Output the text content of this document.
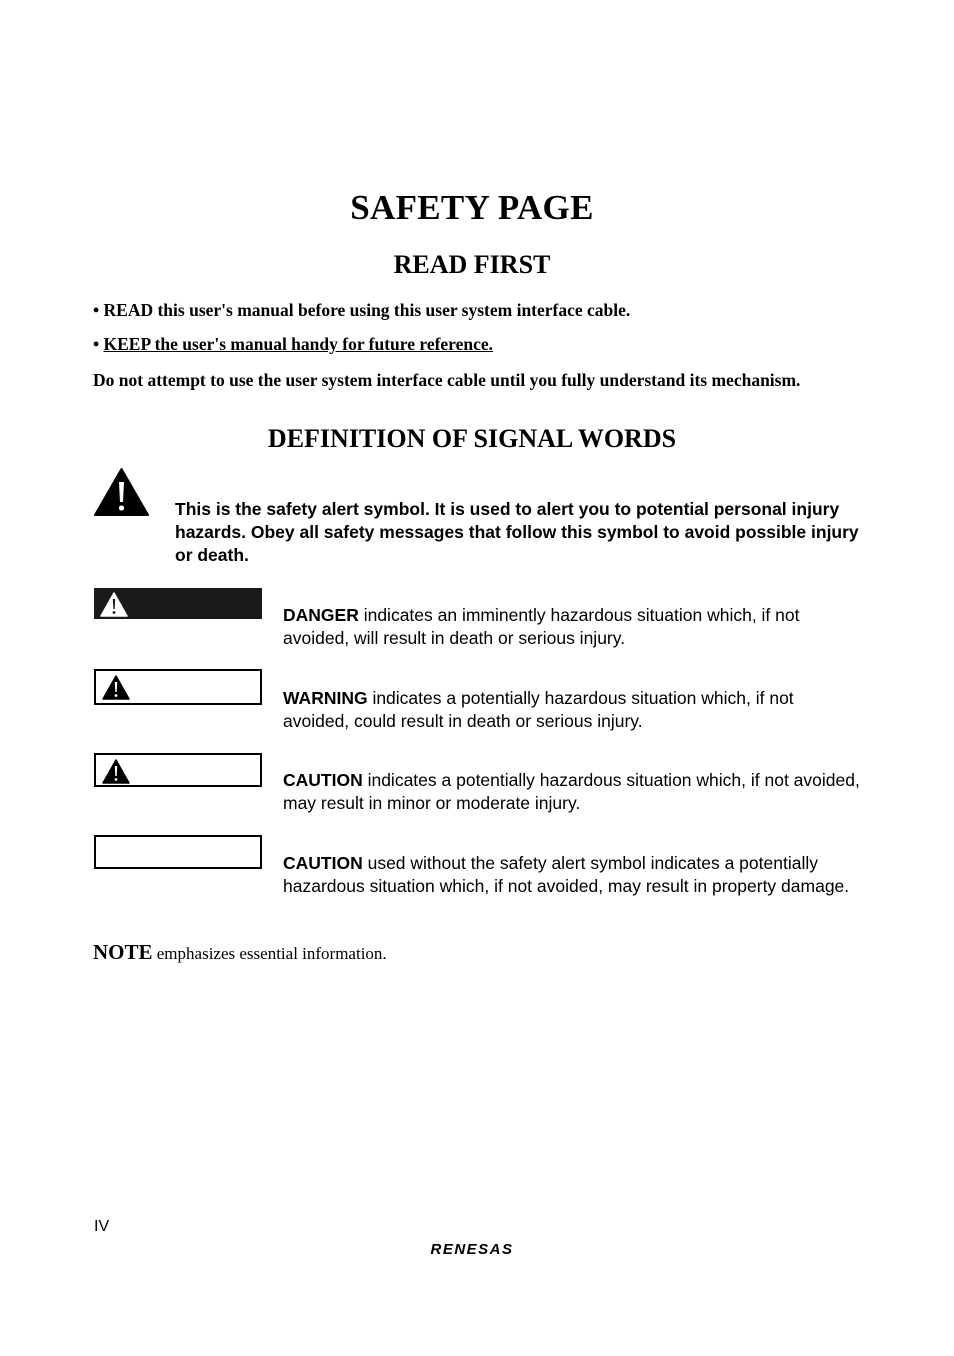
SAFETY PAGE
READ FIRST
• READ this user's manual before using this user system interface cable.
• KEEP the user's manual handy for future reference.
Do not attempt to use the user system interface cable until you fully understand its mechanism.
DEFINITION OF SIGNAL WORDS
This is the safety alert symbol. It is used to alert you to potential personal injury hazards. Obey all safety messages that follow this symbol to avoid possible injury or death.
DANGER indicates an imminently hazardous situation which, if not avoided, will result in death or serious injury.
WARNING indicates a potentially hazardous situation which, if not avoided, could result in death or serious injury.
CAUTION indicates a potentially hazardous situation which, if not avoided, may result in minor or moderate injury.
CAUTION used without the safety alert symbol indicates a potentially hazardous situation which, if not avoided, may result in property damage.
NOTE emphasizes essential information.
IV
RENESAS
